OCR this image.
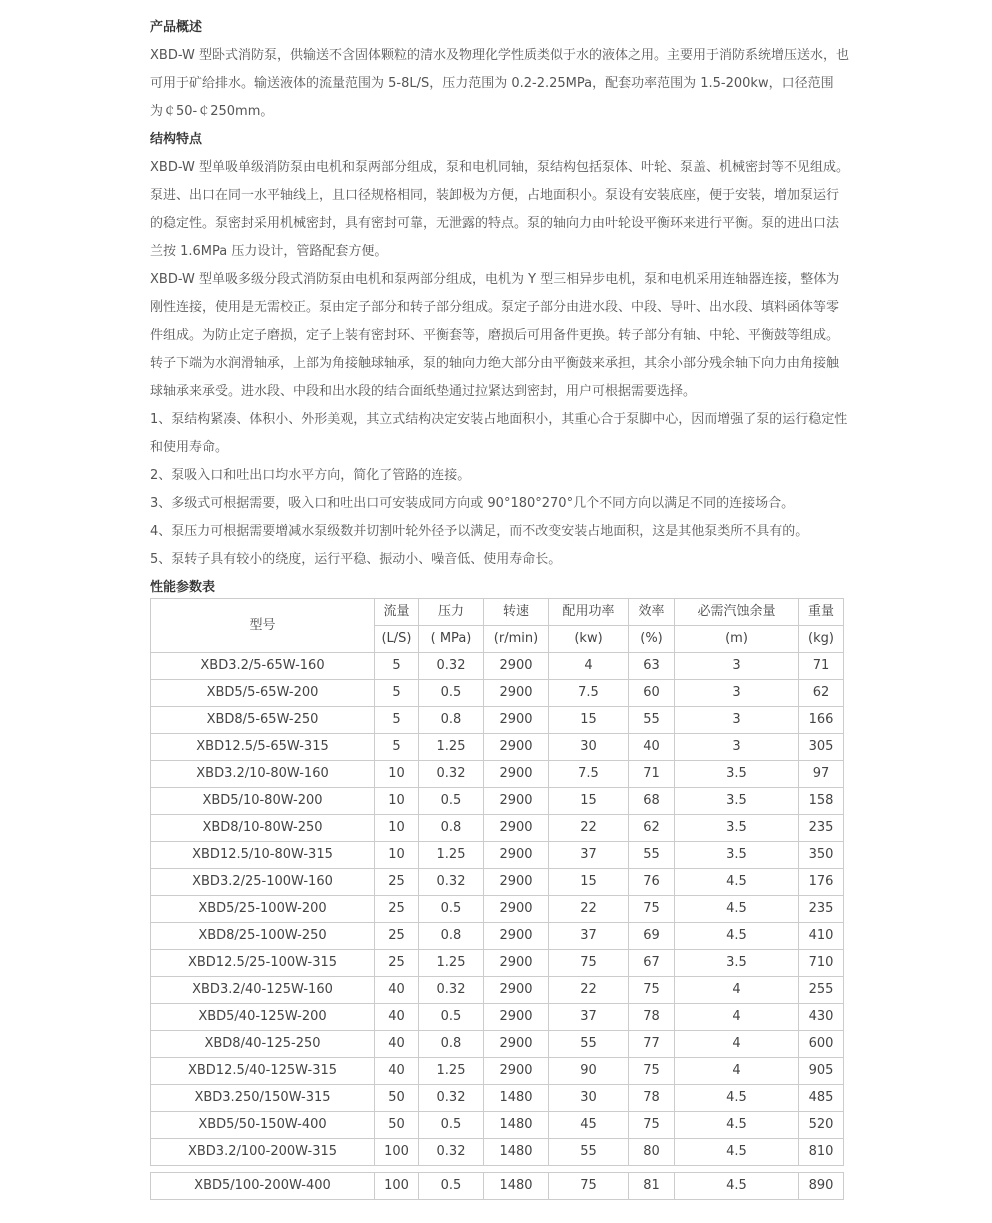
产品概述
XBD-W 型卧式消防泵，供输送不含固体颗粒的清水及物理化学性质类似于水的液体之用。主要用于消防系统增压送水，也可用于矿给排水。输送液体的流量范围为 5-8L/S，压力范围为 0.2-2.25MPa，配套功率范围为 1.5-200kw，口径范围为￠50-￠250mm。
结构特点
XBD-W 型单吸单级消防泵由电机和泵两部分组成，泵和电机同轴，泵结构包括泵体、叶轮、泵盖、机械密封等不见组成。泵进、出口在同一水平轴线上，且口径规格相同，装卸极为方便，占地面积小。泵设有安装底座，便于安装，增加泵运行的稳定性。泵密封采用机械密封，具有密封可靠，无泄露的特点。泵的轴向力由叶轮设平衡环来进行平衡。泵的进出口法兰按 1.6MPa 压力设计，管路配套方便。
XBD-W 型单吸多级分段式消防泵由电机和泵两部分组成，电机为 Y 型三相异步电机，泵和电机采用连轴器连接，整体为刚性连接，使用是无需校正。泵由定子部分和转子部分组成。泵定子部分由进水段、中段、导叶、出水段、填料函体等零件组成。为防止定子磨损，定子上装有密封环、平衡套等，磨损后可用备件更换。转子部分有轴、中轮、平衡鼓等组成。转子下端为水润滑轴承，上部为角接触球轴承，泵的轴向力绝大部分由平衡鼓来承担，其余小部分残余轴下向力由角接触球轴承来承受。进水段、中段和出水段的结合面纸垫通过拉紧达到密封，用户可根据需要选择。
1、泵结构紧凑、体积小、外形美观，其立式结构决定安装占地面积小，其重心合于泵脚中心，因而增强了泵的运行稳定性和使用寿命。
2、泵吸入口和吐出口均水平方向，简化了管路的连接。
3、多级式可根据需要，吸入口和吐出口可安装成同方向或 90°180°270°几个不同方向以满足不同的连接场合。
4、泵压力可根据需要增减水泵级数并切割叶轮外径予以满足，而不改变安装占地面积，这是其他泵类所不具有的。
5、泵转子具有较小的绕度，运行平稳、振动小、噪音低、使用寿命长。
性能参数表
型号	流量	压力	转速	配用功率	效率	必需汽蚀余量	重量
	(L/S)	( MPa)	(r/min)	(kw)	(%)	(m)	(kg)
XBD3.2/5-65W-160	5	0.32	2900	4	63	3	71
XBD5/5-65W-200	5	0.5	2900	7.5	60	3	62
XBD8/5-65W-250	5	0.8	2900	15	55	3	166
XBD12.5/5-65W-315	5	1.25	2900	30	40	3	305
XBD3.2/10-80W-160	10	0.32	2900	7.5	71	3.5	97
XBD5/10-80W-200	10	0.5	2900	15	68	3.5	158
XBD8/10-80W-250	10	0.8	2900	22	62	3.5	235
XBD12.5/10-80W-315	10	1.25	2900	37	55	3.5	350
XBD3.2/25-100W-160	25	0.32	2900	15	76	4.5	176
XBD5/25-100W-200	25	0.5	2900	22	75	4.5	235
XBD8/25-100W-250	25	0.8	2900	37	69	4.5	410
XBD12.5/25-100W-315	25	1.25	2900	75	67	3.5	710
XBD3.2/40-125W-160	40	0.32	2900	22	75	4	255
XBD5/40-125W-200	40	0.5	2900	37	78	4	430
XBD8/40-125-250	40	0.8	2900	55	77	4	600
XBD12.5/40-125W-315	40	1.25	2900	90	75	4	905
XBD3.250/150W-315	50	0.32	1480	30	78	4.5	485
XBD5/50-150W-400	50	0.5	1480	45	75	4.5	520
XBD3.2/100-200W-315	100	0.32	1480	55	80	4.5	810
XBD5/100-200W-400	100	0.5	1480	75	81	4.5	890
